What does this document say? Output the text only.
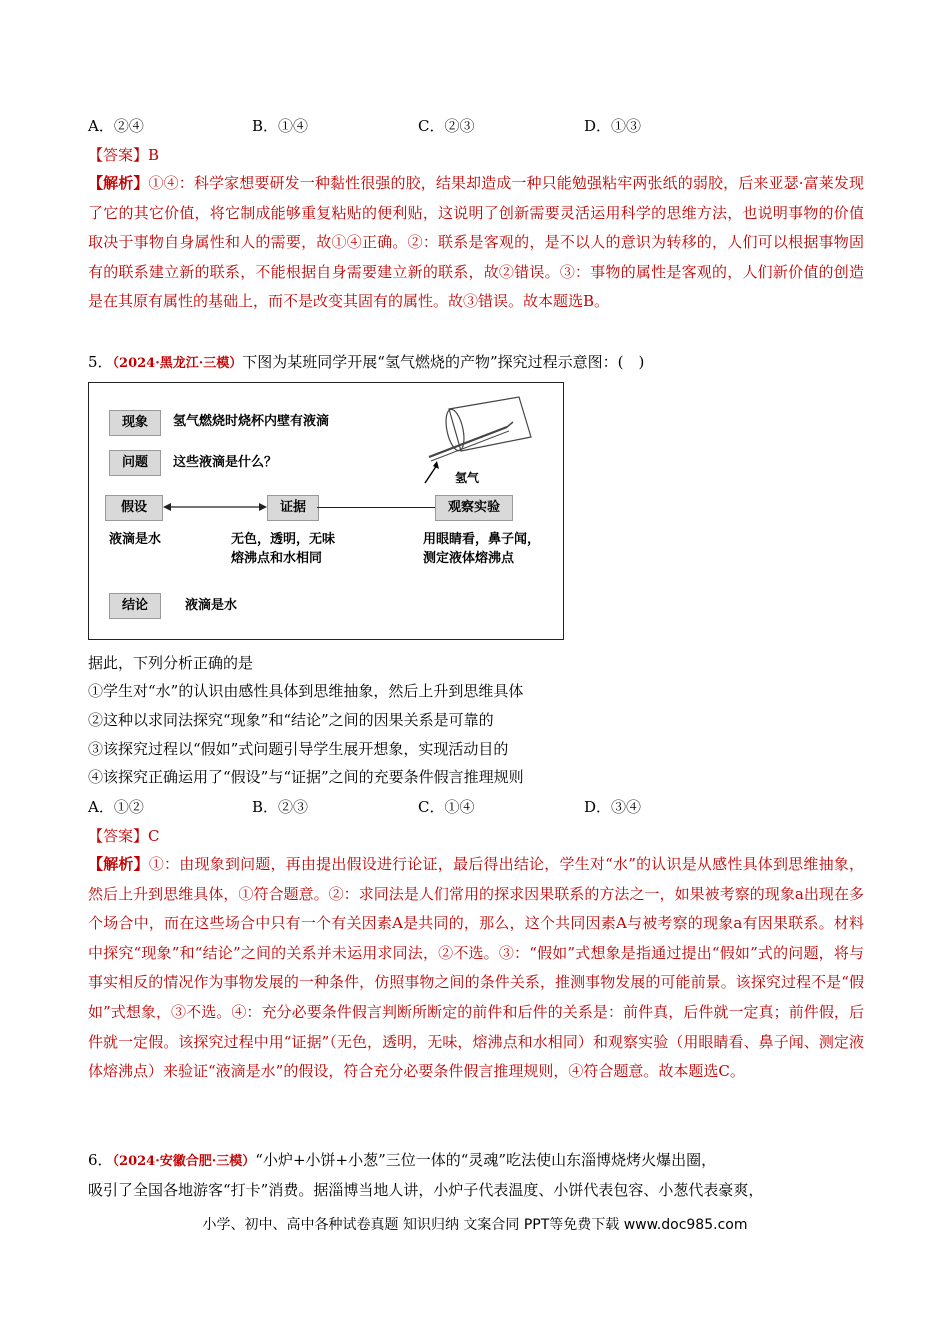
A．②④	B．①④	C．②③	D．①③
【答案】B
【解析】①④：科学家想要研发一种黏性很强的胶，结果却造成一种只能勉强粘牢两张纸的弱胶，后来亚瑟·富莱发现了它的其它价值，将它制成能够重复粘贴的便利贴，这说明了创新需要灵活运用科学的思维方法，也说明事物的价值取决于事物自身属性和人的需要，故①④正确。②：联系是客观的，是不以人的意识为转移的，人们可以根据事物固有的联系建立新的联系，不能根据自身需要建立新的联系，故②错误。③：事物的属性是客观的，人们新价值的创造是在其原有属性的基础上，而不是改变其固有的属性。故③错误。故本题选B。
5．（2024·黑龙江·三模）下图为某班同学开展“氢气燃烧的产物”探究过程示意图：(　)
现象	氢气燃烧时烧杯内壁有液滴
问题	这些液滴是什么？
氢气
假设	证据	观察实验
液滴是水	无色，透明，无味
熔沸点和水相同
用眼睛看，鼻子闻，
测定液体熔沸点
结论	液滴是水
据此，下列分析正确的是
①学生对“水”的认识由感性具体到思维抽象，然后上升到思维具体
②这种以求同法探究“现象”和“结论”之间的因果关系是可靠的
③该探究过程以“假如”式问题引导学生展开想象，实现活动目的
④该探究正确运用了“假设”与“证据”之间的充要条件假言推理规则
A．①②	B．②③	C．①④	D．③④
【答案】C
【解析】①：由现象到问题，再由提出假设进行论证，最后得出结论，学生对“水”的认识是从感性具体到思维抽象，然后上升到思维具体，①符合题意。②：求同法是人们常用的探求因果联系的方法之一，如果被考察的现象a出现在多个场合中，而在这些场合中只有一个有关因素A是共同的，那么，这个共同因素A与被考察的现象a有因果联系。材料中探究“现象”和“结论”之间的关系并未运用求同法，②不选。③：“假如”式想象是指通过提出“假如”式的问题，将与事实相反的情况作为事物发展的一种条件，仿照事物之间的条件关系，推测事物发展的可能前景。该探究过程不是“假如”式想象，③不选。④：充分必要条件假言判断所断定的前件和后件的关系是：前件真，后件就一定真；前件假，后件就一定假。该探究过程中用“证据”（无色，透明，无味，熔沸点和水相同）和观察实验（用眼睛看、鼻子闻、测定液体熔沸点）来验证“液滴是水”的假设，符合充分必要条件假言推理规则，④符合题意。故本题选C。
6．（2024·安徽合肥·三模）“小炉+小饼+小葱”三位一体的“灵魂”吃法使山东淄博烧烤火爆出圈，
吸引了全国各地游客“打卡”消费。据淄博当地人讲，小炉子代表温度、小饼代表包容、小葱代表豪爽，
小学、初中、高中各种试卷真题 知识归纳 文案合同 PPT等免费下载 www.doc985.com
